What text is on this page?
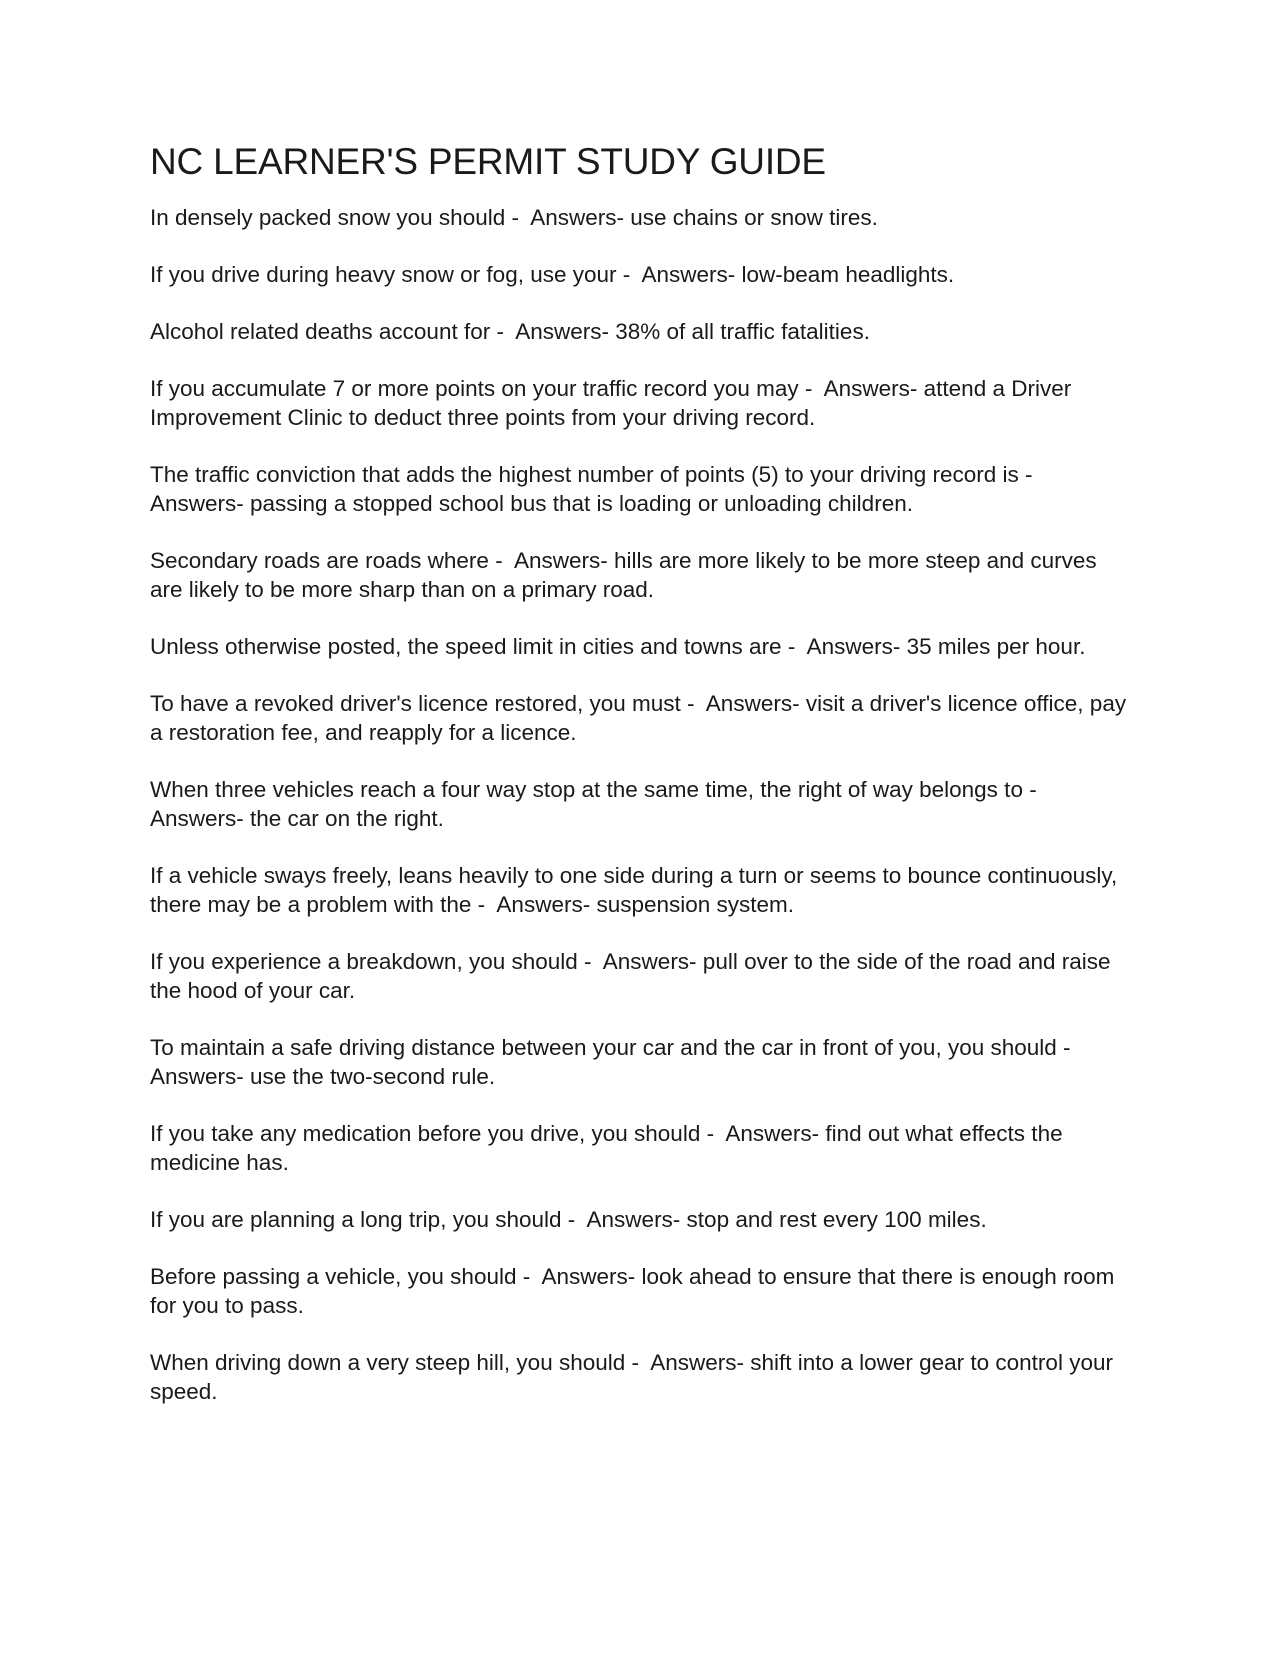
NC LEARNER'S PERMIT STUDY GUIDE

In densely packed snow you should -  Answers- use chains or snow tires.

If you drive during heavy snow or fog, use your -  Answers- low-beam headlights.

Alcohol related deaths account for -  Answers- 38% of all traffic fatalities.

If you accumulate 7 or more points on your traffic record you may -  Answers- attend a Driver Improvement Clinic to deduct three points from your driving record.

The traffic conviction that adds the highest number of points (5) to your driving record is -  Answers- passing a stopped school bus that is loading or unloading children.

Secondary roads are roads where -  Answers- hills are more likely to be more steep and curves are likely to be more sharp than on a primary road.

Unless otherwise posted, the speed limit in cities and towns are -  Answers- 35 miles per hour.

To have a revoked driver's licence restored, you must -  Answers- visit a driver's licence office, pay a restoration fee, and reapply for a licence.

When three vehicles reach a four way stop at the same time, the right of way belongs to -  Answers- the car on the right.

If a vehicle sways freely, leans heavily to one side during a turn or seems to bounce continuously, there may be a problem with the -  Answers- suspension system.

If you experience a breakdown, you should -  Answers- pull over to the side of the road and raise the hood of your car.

To maintain a safe driving distance between your car and the car in front of you, you should -  Answers- use the two-second rule.

If you take any medication before you drive, you should -  Answers- find out what effects the medicine has.

If you are planning a long trip, you should -  Answers- stop and rest every 100 miles.

Before passing a vehicle, you should -  Answers- look ahead to ensure that there is enough room for you to pass.

When driving down a very steep hill, you should -  Answers- shift into a lower gear to control your speed.
